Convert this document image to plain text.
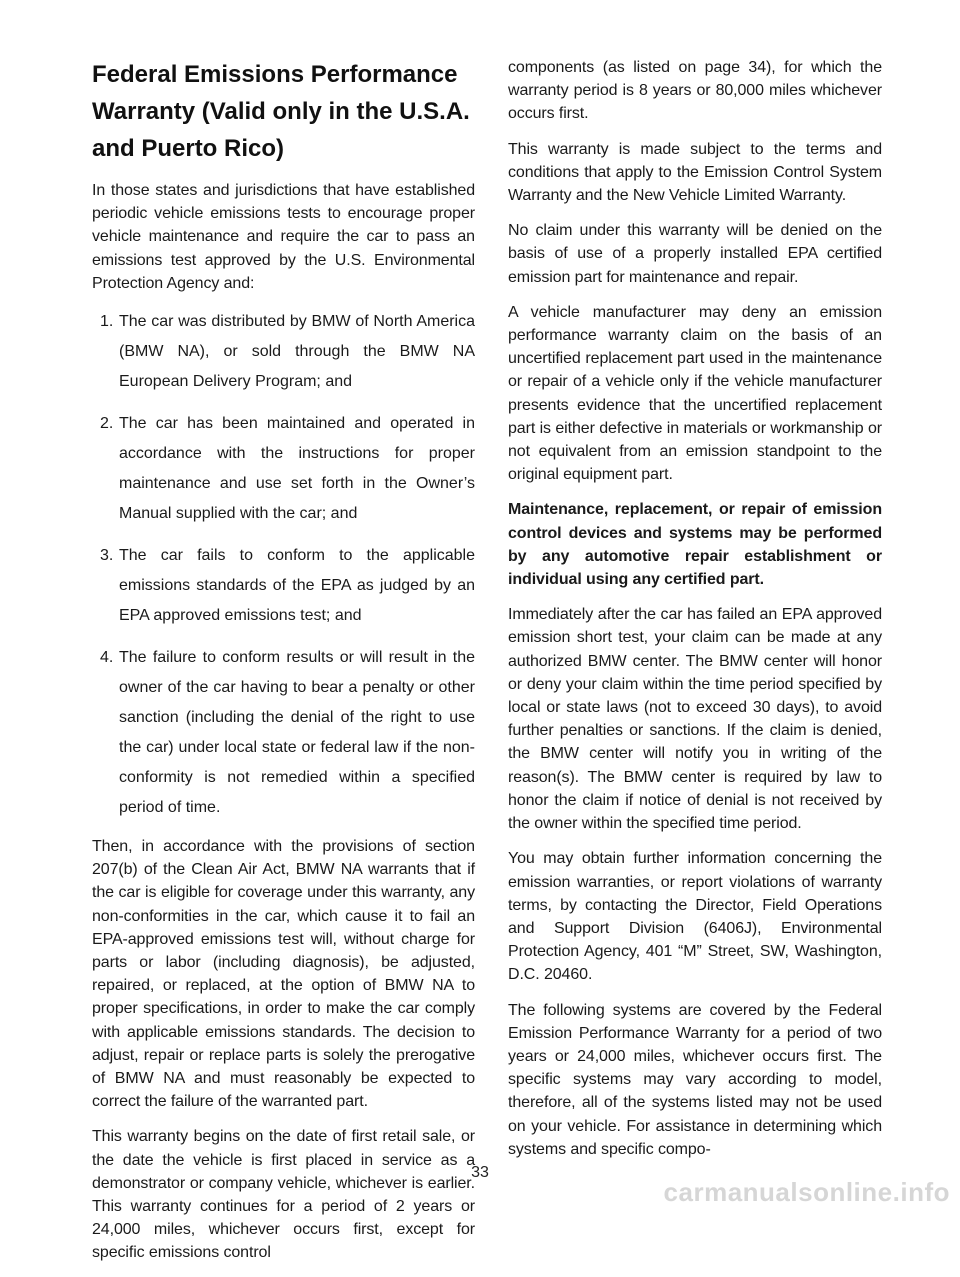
Federal Emissions Performance Warranty (Valid only in the U.S.A. and Puerto Rico)

In those states and jurisdictions that have established periodic vehicle emissions tests to encourage proper vehicle maintenance and require the car to pass an emissions test approved by the U.S. Environmental Protection Agency and:

1. The car was distributed by BMW of North America (BMW NA), or sold through the BMW NA European Delivery Program; and
2. The car has been maintained and operated in accordance with the instructions for proper maintenance and use set forth in the Owner’s Manual supplied with the car; and
3. The car fails to conform to the applicable emissions standards of the EPA as judged by an EPA approved emissions test; and
4. The failure to conform results or will result in the owner of the car having to bear a penalty or other sanction (including the denial of the right to use the car) under local state or federal law if the non-conformity is not remedied within a specified period of time.

Then, in accordance with the provisions of section 207(b) of the Clean Air Act, BMW NA warrants that if the car is eligible for coverage under this warranty, any non-conformities in the car, which cause it to fail an EPA-approved emissions test will, without charge for parts or labor (including diagnosis), be adjusted, repaired, or replaced, at the option of BMW NA to proper specifications, in order to make the car comply with applicable emissions standards. The decision to adjust, repair or replace parts is solely the prerogative of BMW NA and must reasonably be expected to correct the failure of the warranted part.

This warranty begins on the date of first retail sale, or the date the vehicle is first placed in service as a demonstrator or company vehicle, whichever is earlier. This warranty continues for a period of 2 years or 24,000 miles, whichever occurs first, except for specific emissions control

components (as listed on page 34), for which the warranty period is 8 years or 80,000 miles whichever occurs first.

This warranty is made subject to the terms and conditions that apply to the Emission Control System Warranty and the New Vehicle Limited Warranty.

No claim under this warranty will be denied on the basis of use of a properly installed EPA certified emission part for maintenance and repair.

A vehicle manufacturer may deny an emission performance warranty claim on the basis of an uncertified replacement part used in the maintenance or repair of a vehicle only if the vehicle manufacturer presents evidence that the uncertified replacement part is either defective in materials or workmanship or not equivalent from an emission standpoint to the original equipment part.

Maintenance, replacement, or repair of emission control devices and systems may be performed by any automotive repair establishment or individual using any certified part.

Immediately after the car has failed an EPA approved emission short test, your claim can be made at any authorized BMW center. The BMW center will honor or deny your claim within the time period specified by local or state laws (not to exceed 30 days), to avoid further penalties or sanctions. If the claim is denied, the BMW center will notify you in writing of the reason(s). The BMW center is required by law to honor the claim if notice of denial is not received by the owner within the specified time period.

You may obtain further information concerning the emission warranties, or report violations of warranty terms, by contacting the Director, Field Operations and Support Division (6406J), Environmental Protection Agency, 401 “M” Street, SW, Washington, D.C. 20460.

The following systems are covered by the Federal Emission Performance Warranty for a period of two years or 24,000 miles, whichever occurs first. The specific systems may vary according to model, therefore, all of the systems listed may not be used on your vehicle. For assistance in determining which systems and specific compo-

33
carmanualsonline.info
